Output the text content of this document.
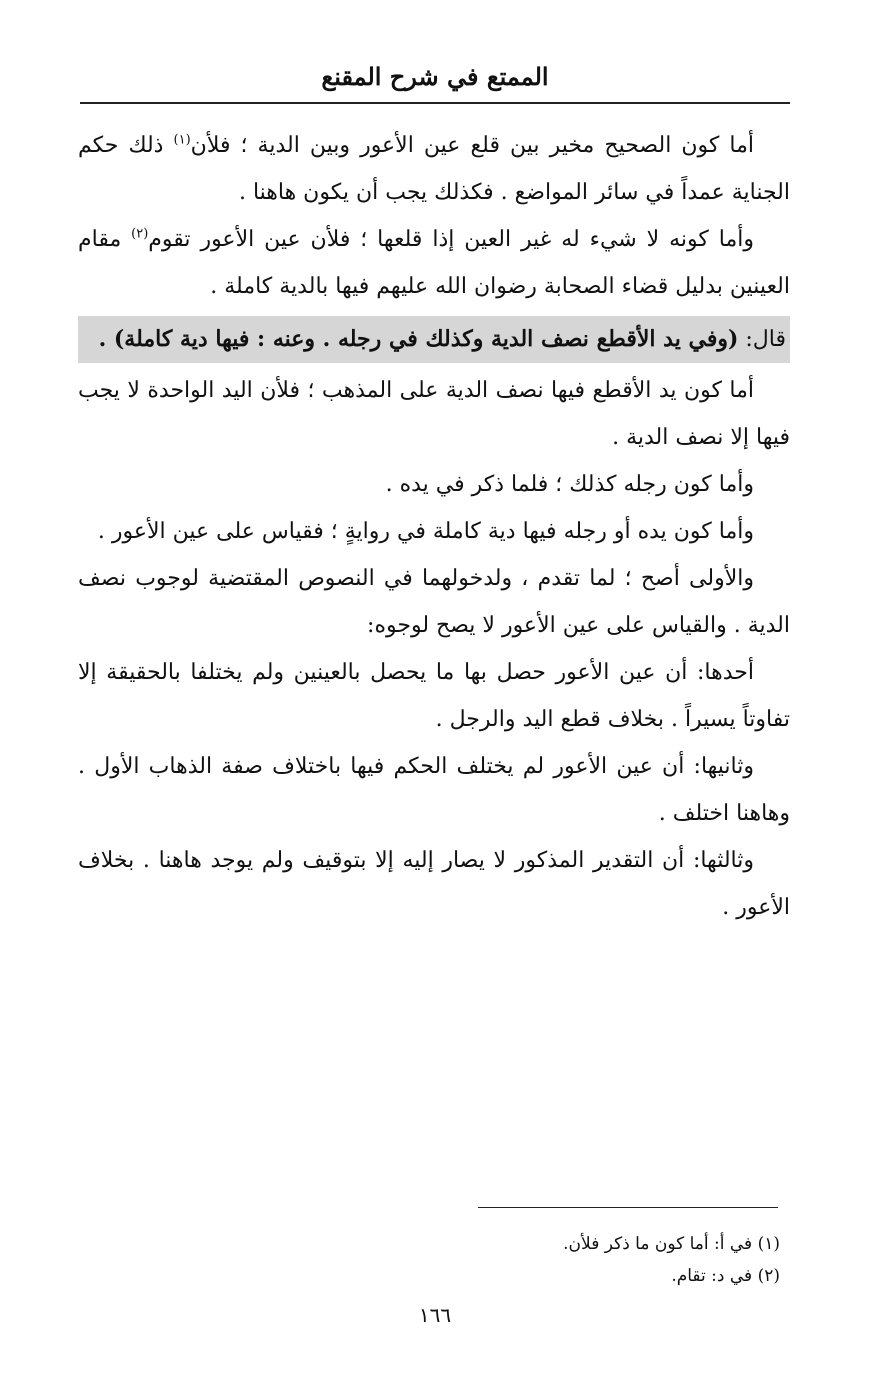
الممتع في شرح المقنع

أما كون الصحيح مخير بين قلع عين الأعور وبين الدية ؛ فلأن$^{(١)}$ ذلك حكم الجناية عمداً في سائر المواضع . فكذلك يجب أن يكون هاهنا .

وأما كونه لا شيء له غير العين إذا قلعها ؛ فلأن عين الأعور تقوم$^{(٢)}$ مقام العينين بدليل قضاء الصحابة رضوان الله عليهم فيها بالدية كاملة .

قال: (وفي يد الأقطع نصف الدية وكذلك في رجله . وعنه : فيها دية كاملة) .

أما كون يد الأقطع فيها نصف الدية على المذهب ؛ فلأن اليد الواحدة لا يجب فيها إلا نصف الدية .

وأما كون رجله كذلك ؛ فلما ذكر في يده .

وأما كون يده أو رجله فيها دية كاملة في روايةٍ ؛ فقياس على عين الأعور .

والأولى أصح ؛ لما تقدم ، ولدخولهما في النصوص المقتضية لوجوب نصف الدية . والقياس على عين الأعور لا يصح لوجوه:

أحدها: أن عين الأعور حصل بها ما يحصل بالعينين ولم يختلفا بالحقيقة إلا تفاوتاً يسيراً . بخلاف قطع اليد والرجل .

وثانيها: أن عين الأعور لم يختلف الحكم فيها باختلاف صفة الذهاب الأول . وهاهنا اختلف .

وثالثها: أن التقدير المذكور لا يصار إليه إلا بتوقيف ولم يوجد هاهنا . بخلاف الأعور .

(١) في أ: أما كون ما ذكر فلأن.

(٢) في د: تقام.

١٦٦
